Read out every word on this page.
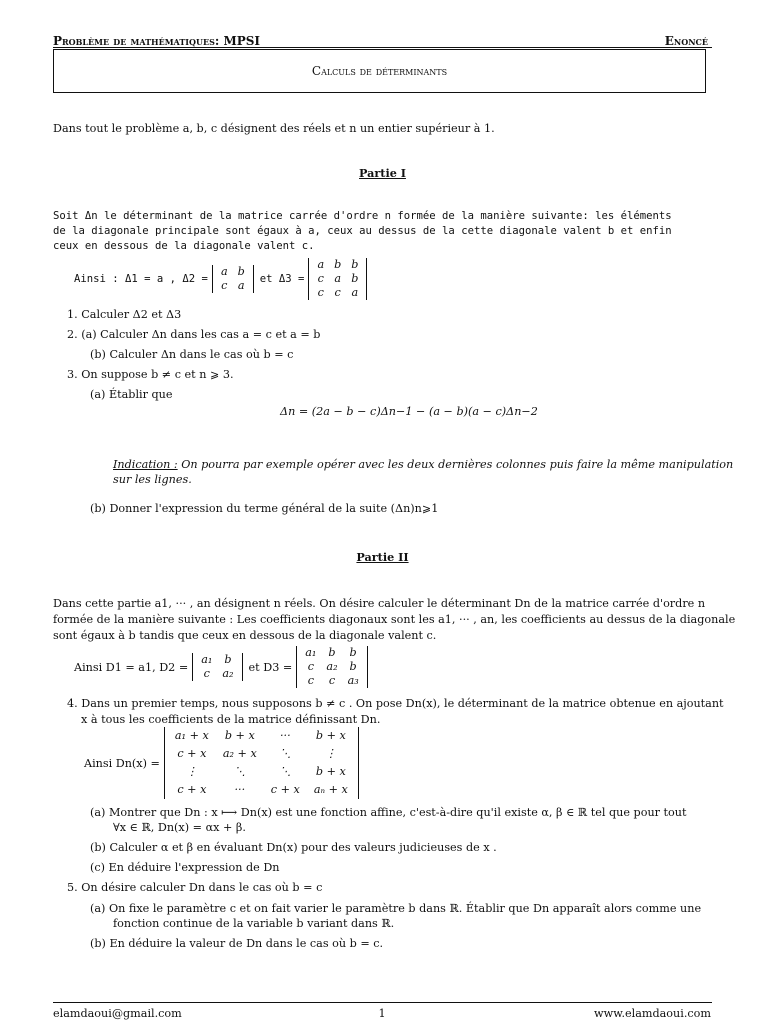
Problème de mathématiques: MPSI	Enoncé
Calculs de déterminants
Dans tout le problème a, b, c désignent des réels et n un entier supérieur à 1.
Partie I
Soit Δn le déterminant de la matrice carrée d'ordre n formée de la manière suivante: les éléments
de la diagonale principale sont égaux à a, ceux au dessus de la cette diagonale valent b et enfin
ceux en dessous de la diagonale valent c.
Ainsi : Δ1 = a , Δ2 =
a	b
c	a et Δ3 =
a	b	b
c	a	b
c	c	a
1. Calculer Δ2 et Δ3
2. (a) Calculer Δn dans les cas a = c et a = b
(b) Calculer Δn dans le cas où b = c
3. On suppose b ≠ c et n ⩾ 3.
(a) Établir que
Δn = (2a − b − c)Δn−1 − (a − b)(a − c)Δn−2
Indication : On pourra par exemple opérer avec les deux dernières colonnes puis faire la même manipulation
sur les lignes.
(b) Donner l'expression du terme général de la suite (Δn)n⩾1
Partie II
Dans cette partie a1, ··· , an désignent n réels. On désire calculer le déterminant Dn de la matrice carrée d'ordre n
formée de la manière suivante : Les coefficients diagonaux sont les a1, ··· , an, les coefficients au dessus de la diagonale
sont égaux à b tandis que ceux en dessous de la diagonale valent c.
Ainsi D1 = a1, D2 =
a₁	b
c	a₂ et D3 =
a₁	b	b
c	a₂	b
c	c	a₃
4. Dans un premier temps, nous supposons b ≠ c . On pose Dn(x), le déterminant de la matrice obtenue en ajoutant
x à tous les coefficients de la matrice définissant Dn.
Ainsi Dn(x) =
a₁ + x	b + x	···	b + x
c + x	a₂ + x	⋱	⋮
⋮	⋱	⋱	b + x
c + x	···	c + x	aₙ + x
(a) Montrer que Dn : x ⟼ Dn(x) est une fonction affine, c'est-à-dire qu'il existe α, β ∈ ℝ tel que pour tout
∀x ∈ ℝ, Dn(x) = αx + β.
(b) Calculer α et β en évaluant Dn(x) pour des valeurs judicieuses de x .
(c) En déduire l'expression de Dn
5. On désire calculer Dn dans le cas où b = c
(a) On fixe le paramètre c et on fait varier le paramètre b dans ℝ. Établir que Dn apparaît alors comme une
fonction continue de la variable b variant dans ℝ.
(b) En déduire la valeur de Dn dans le cas où b = c.
elamdaoui@gmail.com	1	www.elamdaoui.com
